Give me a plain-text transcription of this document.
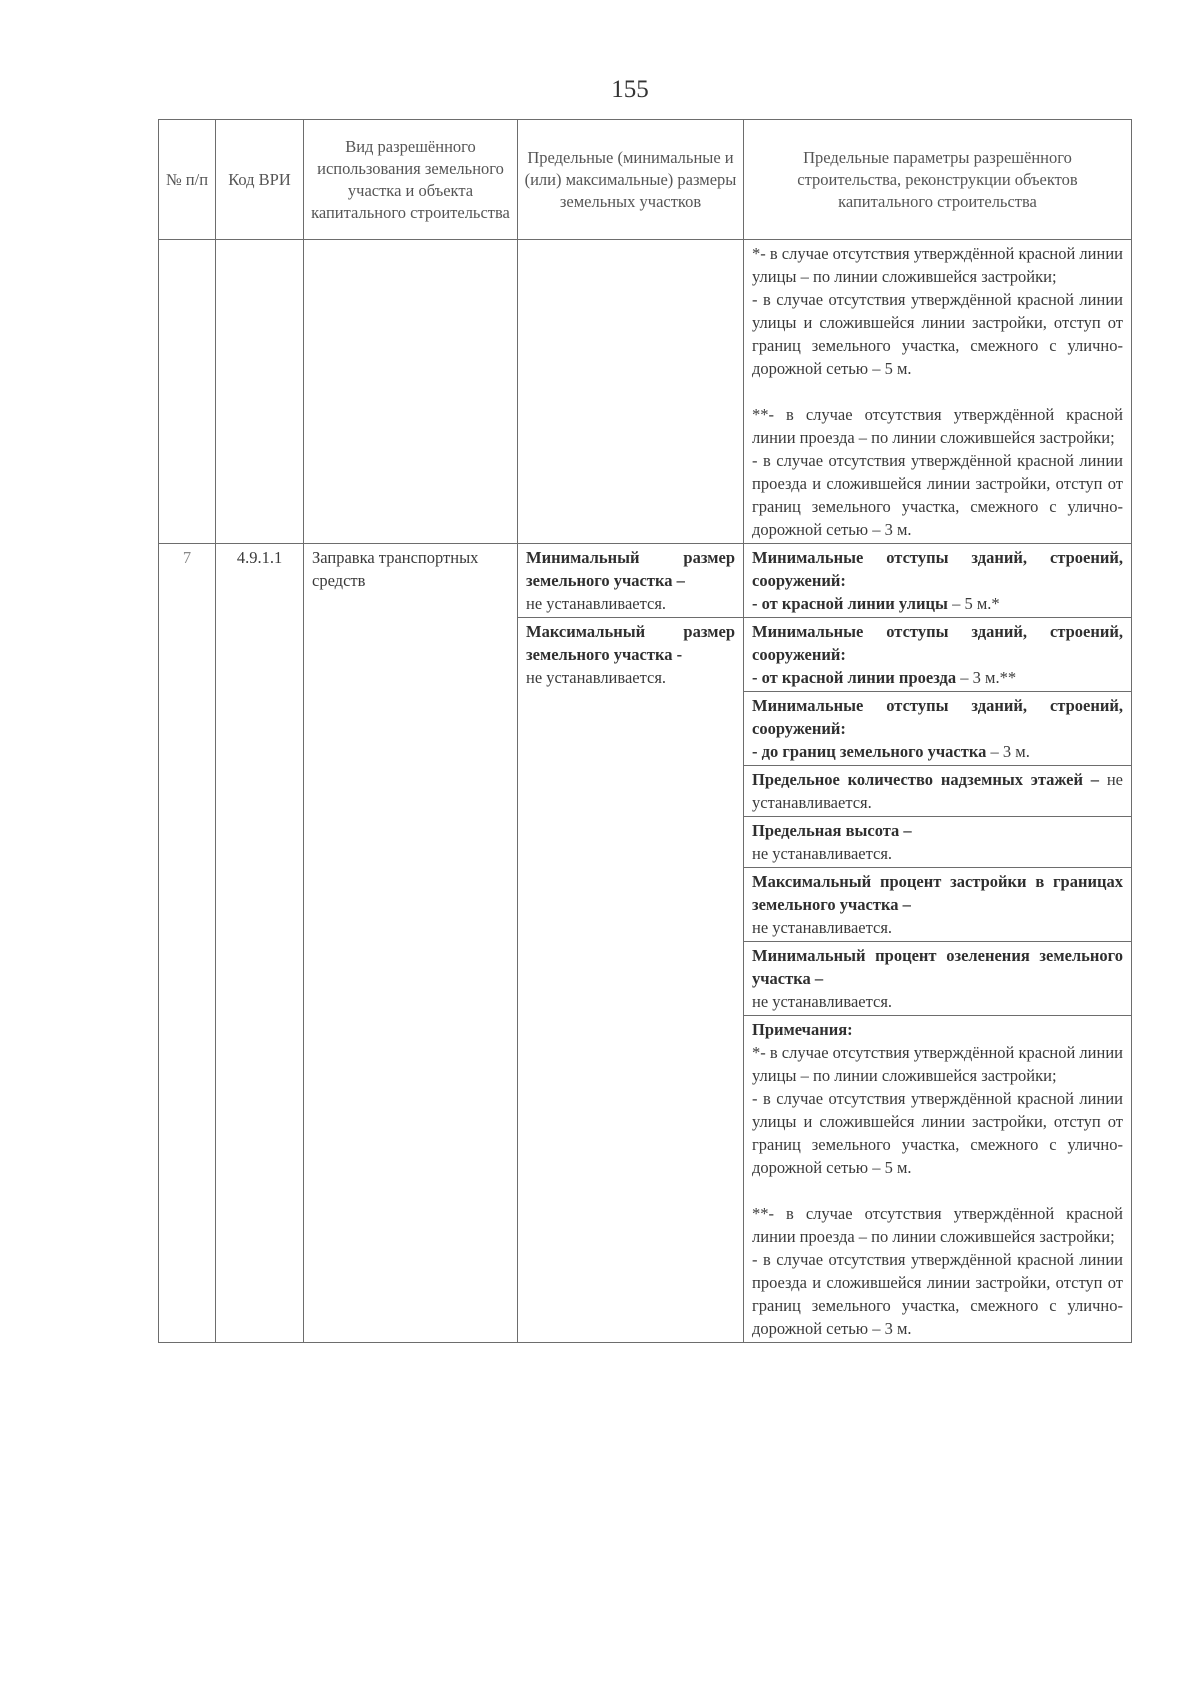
155
№ п/п	Код ВРИ	Вид разрешённого использования земельного участка и объекта капитального строительства	Предельные (минимальные и (или) максимальные) размеры земельных участков	Предельные параметры разрешённого строительства, реконструкции объектов капитального строительства

				*- в случае отсутствия утверждённой красной линии улицы – по линии сложившейся застройки;
- в случае отсутствия утверждённой красной линии улицы и сложившейся линии застройки, отступ от границ земельного участка, смежного с улично-дорожной сетью – 5 м.
**- в случае отсутствия утверждённой красной линии проезда – по линии сложившейся застройки;
- в случае отсутствия утверждённой красной линии проезда и сложившейся линии застройки, отступ от границ земельного участка, смежного с улично-дорожной сетью – 3 м.

7	4.9.1.1	Заправка транспортных средств	Минимальный размер земельного участка –
не устанавливается.	Минимальные отступы зданий, строений, сооружений:
- от красной линии улицы – 5 м.*
			Максимальный размер земельного участка -
не устанавливается.	Минимальные отступы зданий, строений, сооружений:
- от красной линии проезда – 3 м.**
				Минимальные отступы зданий, строений, сооружений:
- до границ земельного участка – 3 м.
				Предельное количество надземных этажей – не устанавливается.
				Предельная высота –
не устанавливается.
				Максимальный процент застройки в границах земельного участка –
не устанавливается.
				Минимальный процент озеленения земельного участка –
не устанавливается.

				Примечания:
*- в случае отсутствия утверждённой красной линии улицы – по линии сложившейся застройки;
- в случае отсутствия утверждённой красной линии улицы и сложившейся линии застройки, отступ от границ земельного участка, смежного с улично-дорожной сетью – 5 м.
**- в случае отсутствия утверждённой красной линии проезда – по линии сложившейся застройки;
- в случае отсутствия утверждённой красной линии проезда и сложившейся линии застройки, отступ от границ земельного участка, смежного с улично-дорожной сетью – 3 м.
